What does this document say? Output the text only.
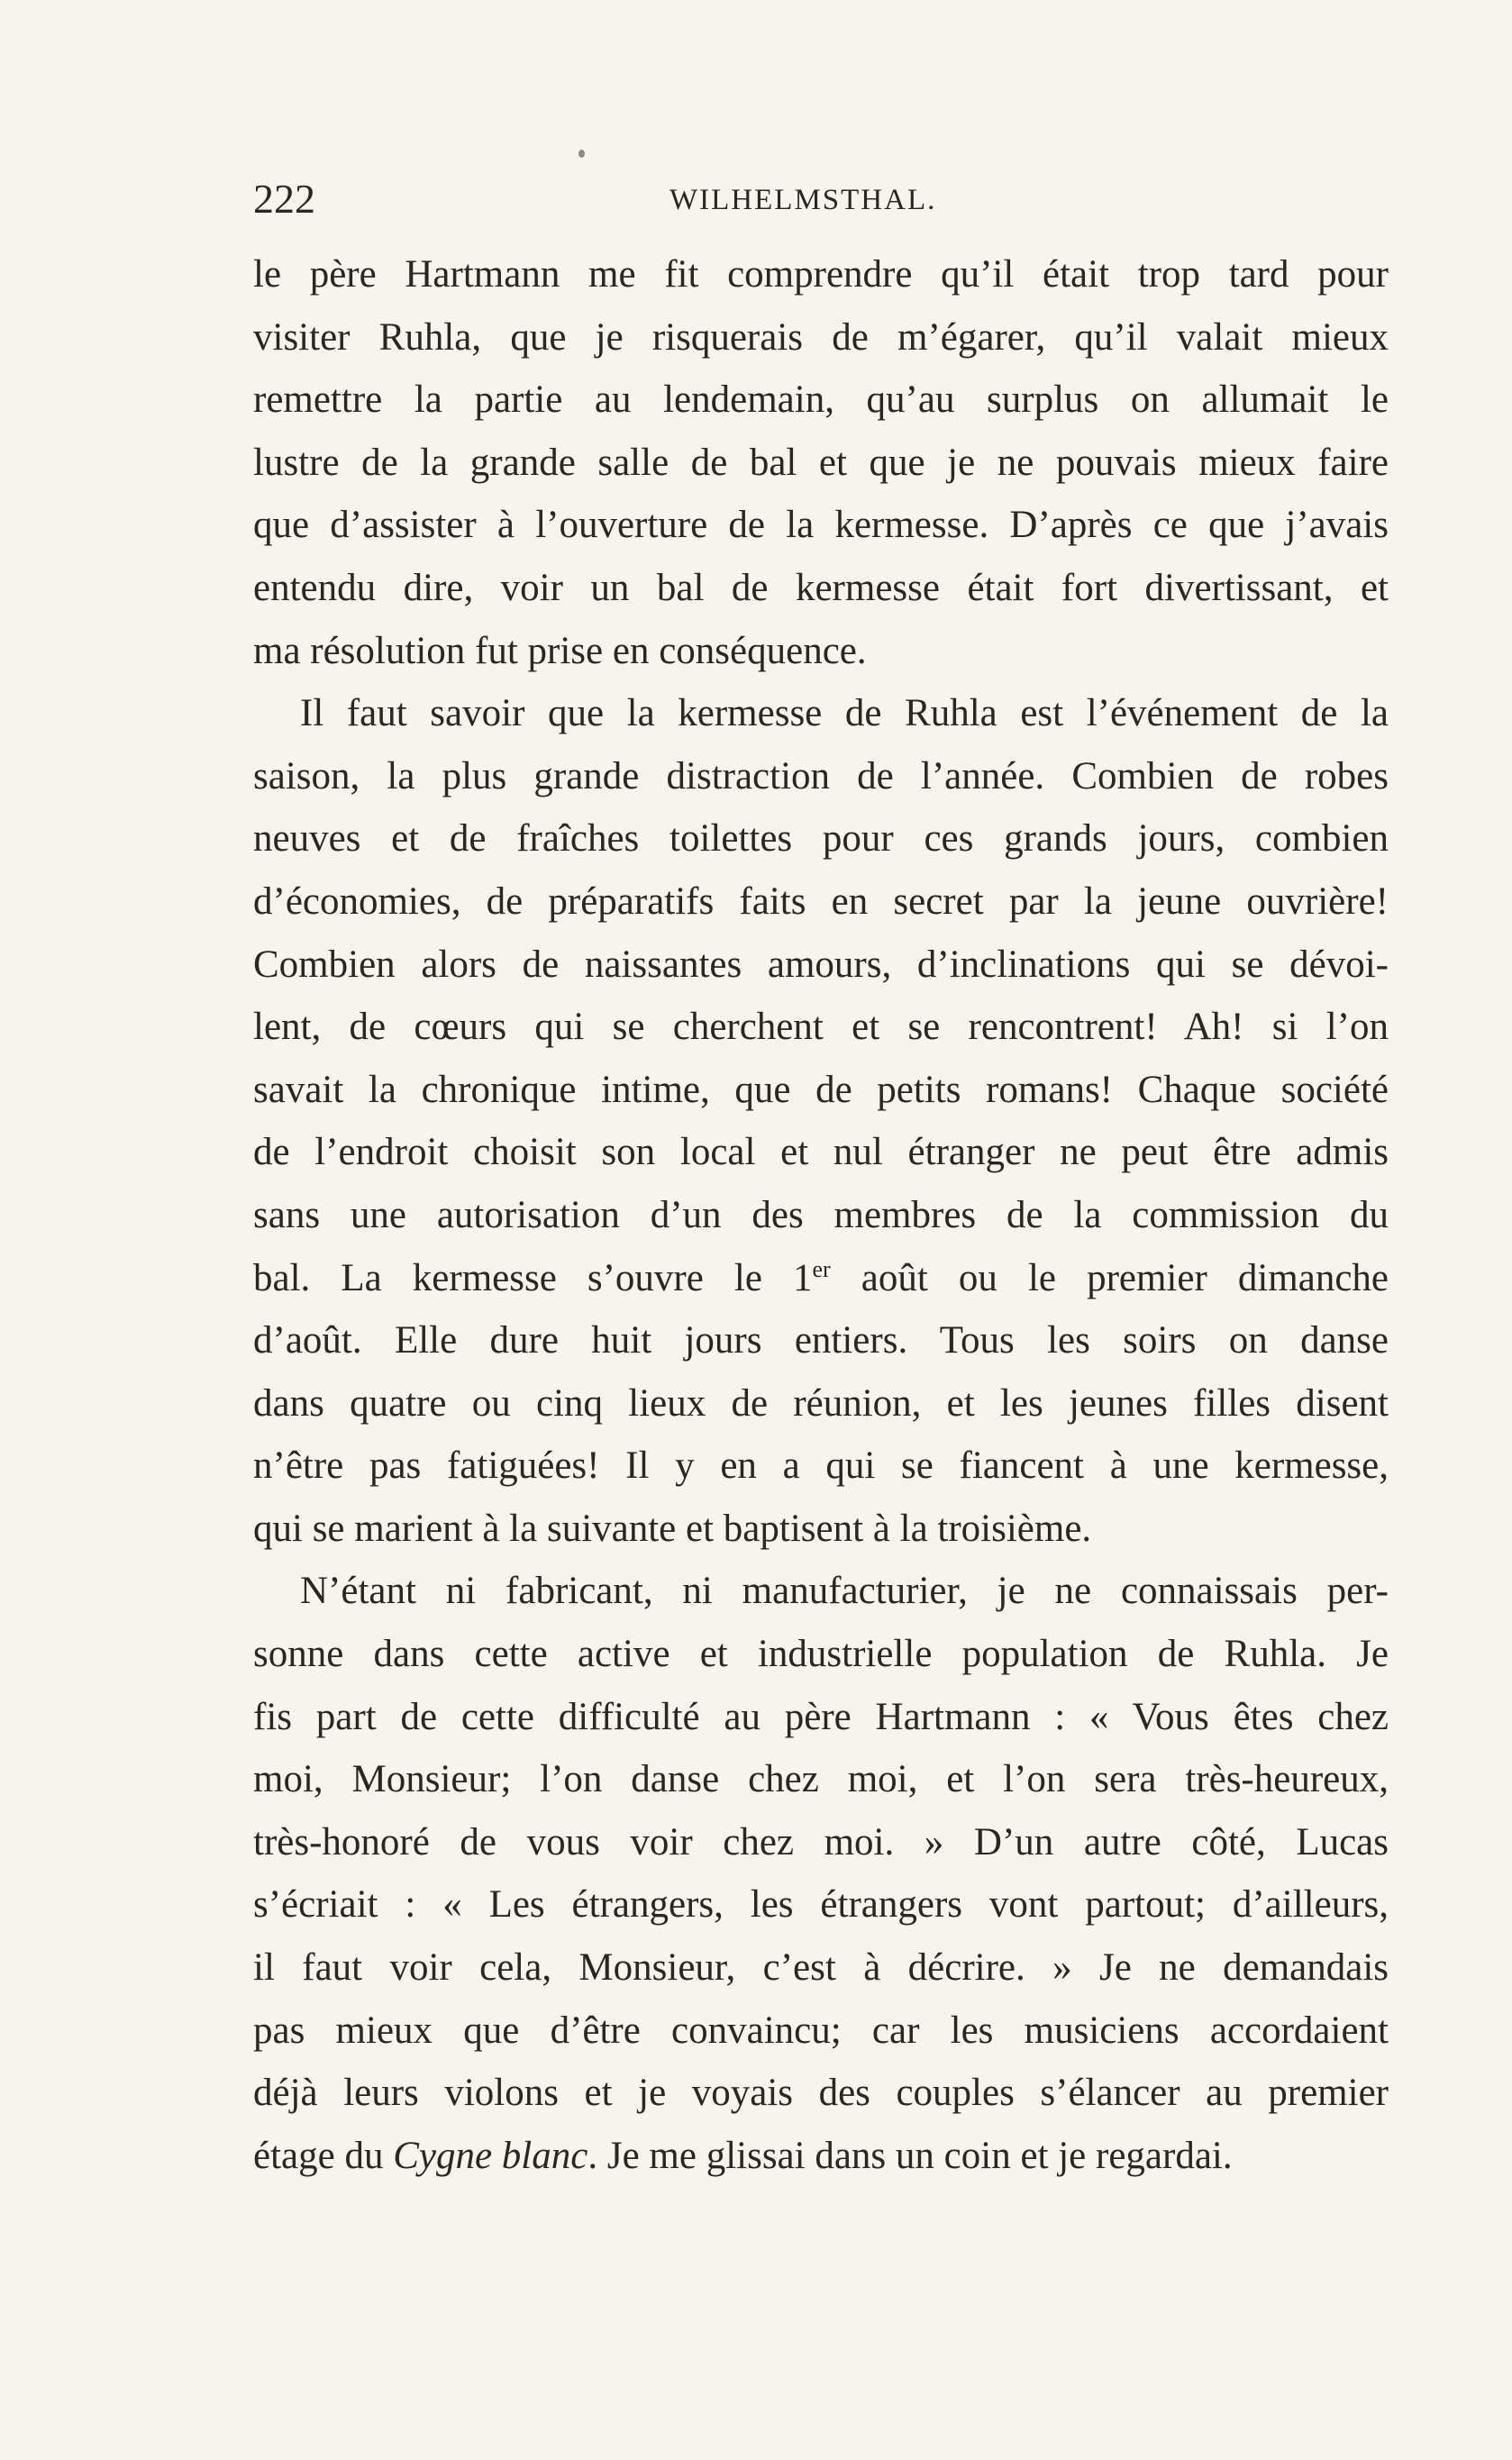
222	WILHELMSTHAL.
le père Hartmann me fit comprendre qu’il était trop tard pour
visiter Ruhla, que je risquerais de m’égarer, qu’il valait mieux
remettre la partie au lendemain, qu’au surplus on allumait le
lustre de la grande salle de bal et que je ne pouvais mieux faire
que d’assister à l’ouverture de la kermesse. D’après ce que j’avais
entendu dire, voir un bal de kermesse était fort divertissant, et
ma résolution fut prise en conséquence.
Il faut savoir que la kermesse de Ruhla est l’événement de la
saison, la plus grande distraction de l’année. Combien de robes
neuves et de fraîches toilettes pour ces grands jours, combien
d’économies, de préparatifs faits en secret par la jeune ouvrière!
Combien alors de naissantes amours, d’inclinations qui se dévoi-
lent, de cœurs qui se cherchent et se rencontrent! Ah! si l’on
savait la chronique intime, que de petits romans! Chaque société
de l’endroit choisit son local et nul étranger ne peut être admis
sans une autorisation d’un des membres de la commission du
bal. La kermesse s’ouvre le 1er août ou le premier dimanche
d’août. Elle dure huit jours entiers. Tous les soirs on danse
dans quatre ou cinq lieux de réunion, et les jeunes filles disent
n’être pas fatiguées! Il y en a qui se fiancent à une kermesse,
qui se marient à la suivante et baptisent à la troisième.
N’étant ni fabricant, ni manufacturier, je ne connaissais per-
sonne dans cette active et industrielle population de Ruhla. Je
fis part de cette difficulté au père Hartmann : « Vous êtes chez
moi, Monsieur; l’on danse chez moi, et l’on sera très-heureux,
très-honoré de vous voir chez moi. » D’un autre côté, Lucas
s’écriait : « Les étrangers, les étrangers vont partout; d’ailleurs,
il faut voir cela, Monsieur, c’est à décrire. » Je ne demandais
pas mieux que d’être convaincu; car les musiciens accordaient
déjà leurs violons et je voyais des couples s’élancer au premier
étage du Cygne blanc. Je me glissai dans un coin et je regardai.
